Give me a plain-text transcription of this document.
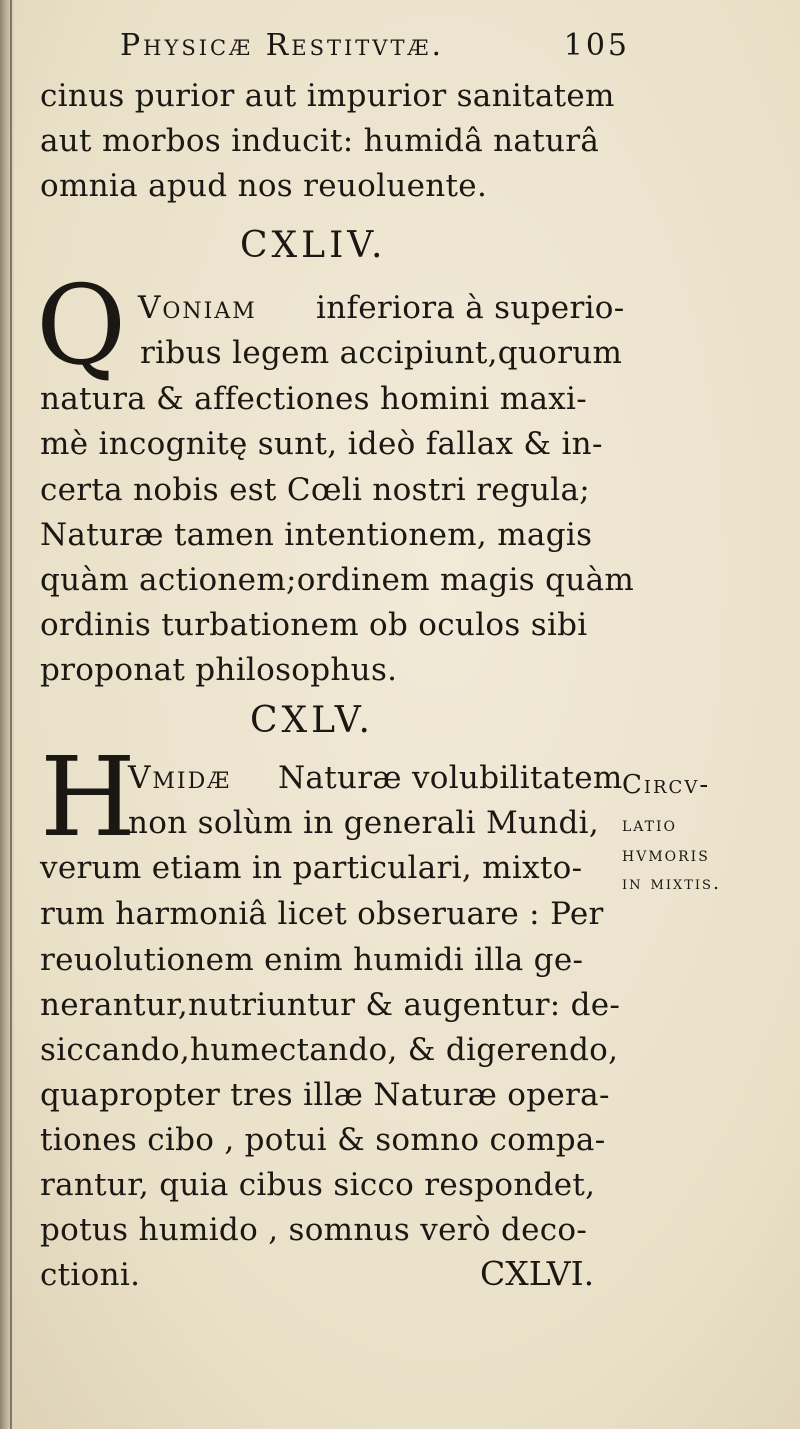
Physicæ Restitvtæ.	105
cinus purior aut impurior sanitatem
aut morbos inducit: humidâ naturâ
omnia apud nos reuoluente.
CXLIV.
Q Voniam inferiora à superio-
ribus legem accipiunt,quorum
natura & affectiones homini maxi-
mè incognitę sunt, ideò fallax & in-
certa nobis est Cœli nostri regula;
Naturæ tamen intentionem, magis
quàm actionem;ordinem magis quàm
ordinis turbationem ob oculos sibi
proponat philosophus.
CXLV.
H
Vmidæ Naturæ volubilitatem
non solùm in generali Mundi,
verum etiam in particulari, mixto-
rum harmoniâ licet obseruare : Per
reuolutionem enim humidi illa ge-
nerantur,nutriuntur & augentur: de-
siccando,humectando, & digerendo,
quapropter tres illæ Naturæ opera-
tiones cibo , potui & somno compa-
rantur, quia cibus sicco respondet,
potus humido , somnus verò deco-
ctioni.	CXLVI.
Circv-
latio
hvmoris
in mixtis.
